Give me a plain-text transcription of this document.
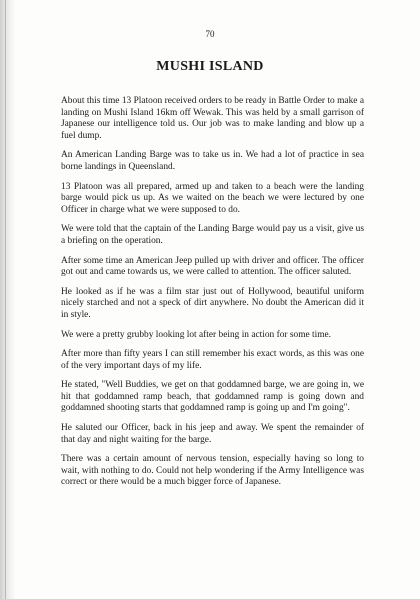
70
MUSHI ISLAND

About this time 13 Platoon received orders to be ready in Battle Order to make a landing on Mushi Island 16km off Wewak. This was held by a small garrison of Japanese our intelligence told us. Our job was to make landing and blow up a fuel dump.

An American Landing Barge was to take us in. We had a lot of practice in sea borne landings in Queensland.

13 Platoon was all prepared, armed up and taken to a beach were the landing barge would pick us up. As we waited on the beach we were lectured by one Officer in charge what we were supposed to do.

We were told that the captain of the Landing Barge would pay us a visit, give us a briefing on the operation.

After some time an American Jeep pulled up with driver and officer. The officer got out and came towards us, we were called to attention. The officer saluted.

He looked as if he was a film star just out of Hollywood, beautiful uniform nicely starched and not a speck of dirt anywhere. No doubt the American did it in style.

We were a pretty grubby looking lot after being in action for some time.

After more than fifty years I can still remember his exact words, as this was one of the very important days of my life.

He stated, "Well Buddies, we get on that goddamned barge, we are going in, we hit that goddamned ramp beach, that goddamned ramp is going down and goddamned shooting starts that goddamned ramp is going up and I'm going".

He saluted our Officer, back in his jeep and away. We spent the remainder of that day and night waiting for the barge.

There was a certain amount of nervous tension, especially having so long to wait, with nothing to do. Could not help wondering if the Army Intelligence was correct or there would be a much bigger force of Japanese.
